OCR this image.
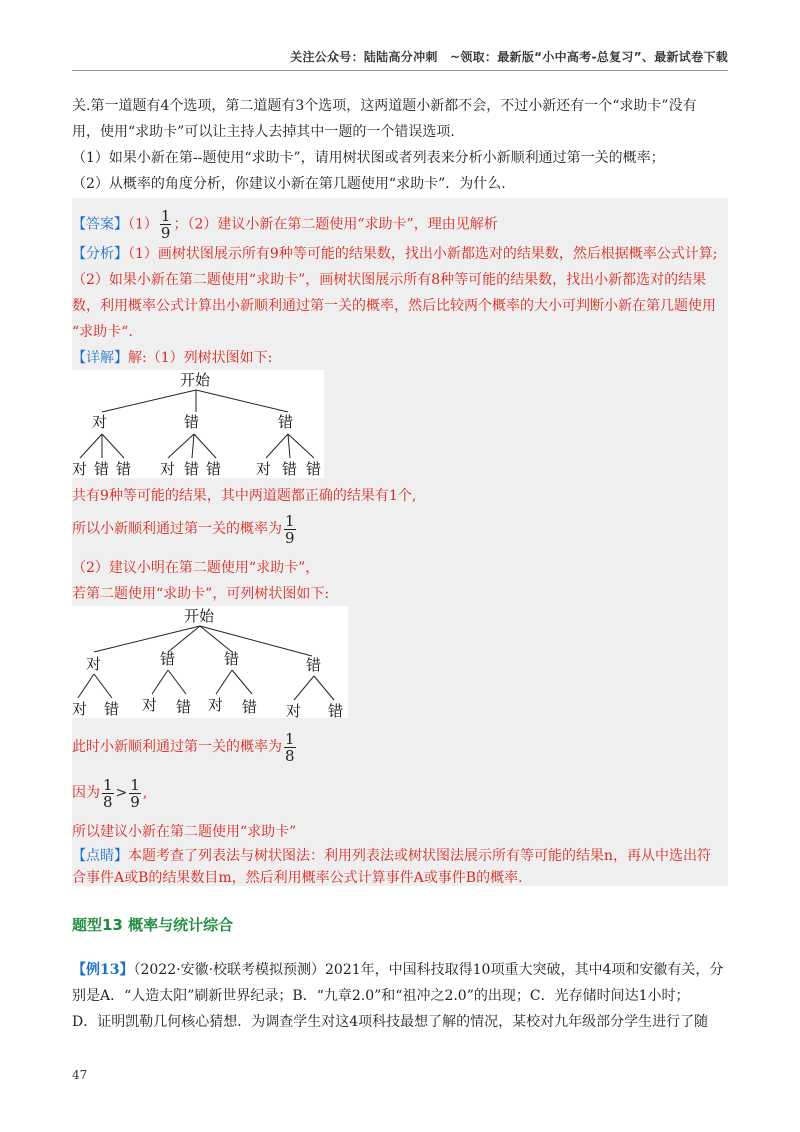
关注公众号：陆陆高分冲刺　~领取：最新版“小中高考-总复习”、最新试卷下载
关.第一道题有4个选项，第二道题有3个选项，这两道题小新都不会，不过小新还有一个“求助卡”没有
用，使用“求助卡”可以让主持人去掉其中一题的一个错误选项.
（1）如果小新在第--题使用“求助卡”，请用树状图或者列表来分析小新顺利通过第一关的概率；
（2）从概率的角度分析，你建议小新在第几题使用“求助卡”．为什么.
【答案】$(1) \frac{1}{9}$ ；（2）建议小新在第二题使用“求助卡”，理由见解析
【分析】（1）画树状图展示所有9种等可能的结果数，找出小新都选对的结果数，然后根据概率公式计算;
（2）如果小新在第二题使用“求助卡”，画树状图展示所有8种等可能的结果数，找出小新都选对的结果
数，利用概率公式计算出小新顺利通过第一关的概率，然后比较两个概率的大小可判断小新在第几题使用
“求助卡“.
【详解】解:（1）列树状图如下:
开始
对	错	错
对 错 错 对 错 错 对 错 错
共有9种等可能的结果，其中两道题都正确的结果有1个,
所以小新顺利通过第一关的概率为 $\frac{1}{9}$
（2）建议小明在第二题使用“求助卡”，
若第二题使用“求助卡”，可列树状图如下:
开始
对	错	错	错
对 错 对 错 对 错 对 错
此时小新顺利通过第一关的概率为 $\frac{1}{8}$
因为 $\frac{1}{8} > \frac{1}{9}$ ,
所以建议小新在第二题使用“求助卡”
【点睛】本题考查了列表法与树状图法：利用列表法或树状图法展示所有等可能的结果n，再从中选出符
合事件A或B的结果数目m，然后利用概率公式计算事件A或事件B的概率.
题型13 概率与统计综合
【例13】（2022·安徽·校联考模拟预测）2021年，中国科技取得10项重大突破，其中4项和安徽有关，分
别是A．“人造太阳”刷新世界纪录；B．“九章2.0”和“祖冲之2.0”的出现；C．光存储时间达1小时；
D．证明凯勒几何核心猜想．为调查学生对这4项科技最想了解的情况，某校对九年级部分学生进行了随
47
